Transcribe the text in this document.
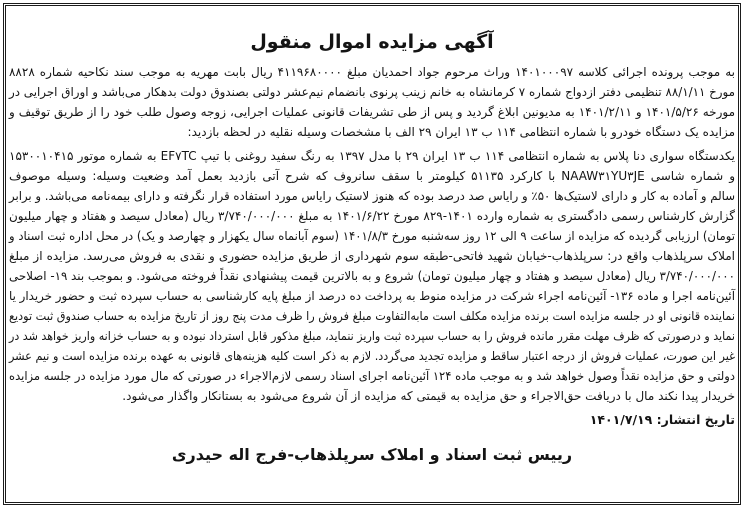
آگهی مزایده اموال منقول
به موجب پرونده اجرائی کلاسه ۱۴۰۱۰۰۰۹۷ وراث مرحوم جواد احمدیان مبلغ ۴۱۱۹۶۸۰۰۰۰ ریال بابت مهریه به موجب سند نکاحیه شماره ۸۸۲۸
مورخ ۸۸/۱/۱۱ تنظیمی دفتر ازدواج شماره ۷ کرمانشاه به خانم زینب پرنوی بانضمام نیم‌عشر دولتی بصندوق دولت بدهکار می‌باشد و اوراق اجرایی در
مورخه ۱۴۰۱/۵/۲۶ و ۱۴۰۱/۲/۱۱ به مدیونین ابلاغ گردید و پس از طی تشریفات قانونی عملیات اجرایی، زوجه وصول طلب خود را از طریق توقیف و
مزایده یک دستگاه خودرو با شماره انتظامی ۱۱۴ ب ۱۳ ایران ۲۹ الف با مشخصات وسیله نقلیه در لحظه بازدید:
یکدستگاه سواری دنا پلاس به شماره انتظامی ۱۱۴ ب ۱۳ ایران ۲۹ با مدل ۱۳۹۷ به رنگ سفید روغنی با تیپ EF۷TC به شماره موتور ۱۵۳۰۰۱۰۴۱۵
و شماره شاسی NAAW۳۱YU۳JE با کارکرد ۵۱۱۳۵ کیلومتر با سقف سانروف که شرح آتی بازدید بعمل آمد وضعیت وسیله: وسیله موصوف
سالم و آماده به کار و دارای لاستیک‌ها ۵۰٪ و رایاس صد درصد بوده که هنوز لاستیک رایاس مورد استفاده قرار نگرفته و دارای بیمه‌نامه می‌باشد. و برابر
گزارش کارشناس رسمی دادگستری به شماره وارده ۱۴۰۱-۸۲۹ مورخ ۱۴۰۱/۶/۲۲ به مبلغ ۳/۷۴۰/۰۰۰/۰۰۰ ریال (معادل سیصد و هفتاد و چهار میلیون
تومان) ارزیابی گردیده که مزایده از ساعت ۹ الی ۱۲ روز سه‌شنبه مورخ ۱۴۰۱/۸/۳ (سوم آبانماه سال یکهزار و چهارصد و یک) در محل اداره ثبت اسناد و
املاک سرپلذهاب واقع در: سرپلذهاب-خیابان شهید فاتحی-طبقه سوم شهرداری از طریق مزایده حضوری و نقدی به فروش می‌رسد. مزایده از مبلغ
۳/۷۴۰/۰۰۰/۰۰۰ ریال (معادل سیصد و هفتاد و چهار میلیون تومان) شروع و به بالاترین قیمت پیشنهادی نقداً فروخته می‌شود. و بموجب بند ۱۹- اصلاحی
آئین‌نامه اجرا و ماده ۱۳۶- آئین‌نامه اجراء شرکت در مزایده منوط به پرداخت ده درصد از مبلغ پایه کارشناسی به حساب سپرده ثبت و حضور خریدار یا
نماینده قانونی او در جلسه مزایده است برنده مزایده مکلف است مابه‌التفاوت مبلغ فروش را ظرف مدت پنج روز از تاریخ مزایده به حساب صندوق ثبت تودیع
نماید و درصورتی که ظرف مهلت مقرر مانده فروش را به حساب سپرده ثبت واریز ننماید، مبلغ مذکور قابل استرداد نبوده و به حساب خزانه واریز خواهد شد در
غیر این صورت، عملیات فروش از درجه اعتبار ساقط و مزایده تجدید می‌گردد. لازم به ذکر است کلیه هزینه‌های قانونی به عهده برنده مزایده است و نیم عشر
دولتی و حق مزایده نقداً وصول خواهد شد و به موجب ماده ۱۲۴ آئین‌نامه اجرای اسناد رسمی لازم‌الاجراء در صورتی که مال مورد مزایده در جلسه مزایده
خریدار پیدا نکند مال با دریافت حق‌الاجراء و حق مزایده به قیمتی که مزایده از آن شروع می‌شود به بستانکار واگذار می‌شود.
تاریخ انتشار: ۱۴۰۱/۷/۱۹
رییس ثبت اسناد و املاک سرپلذهاب-فرج اله حیدری
